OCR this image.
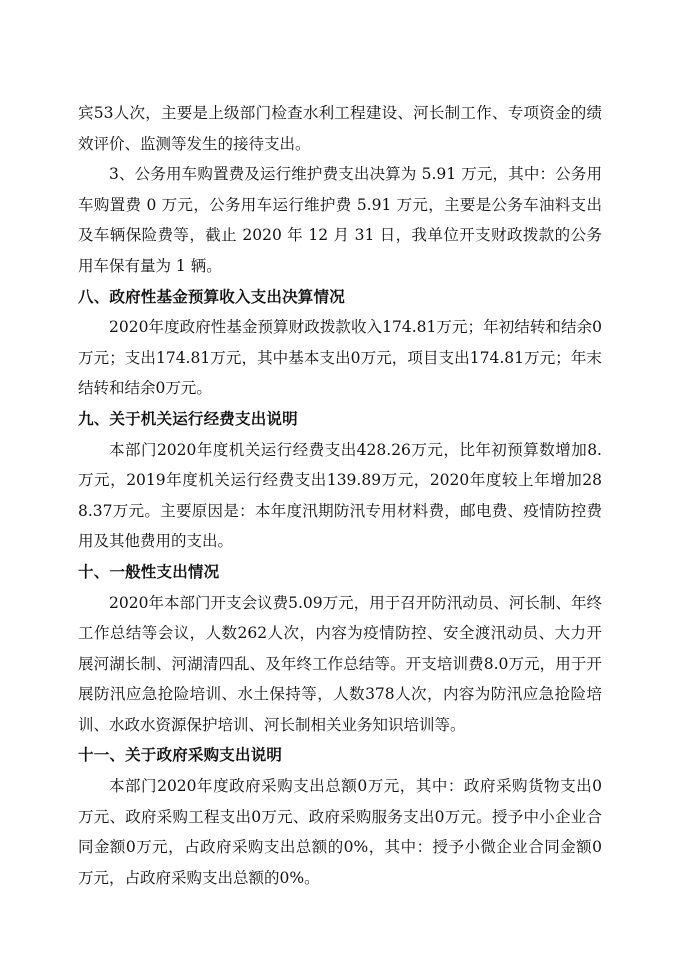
宾53人次，主要是上级部门检查水利工程建设、河长制工作、专项资金的绩效评价、监测等发生的接待支出。

3、公务用车购置费及运行维护费支出决算为 5.91 万元，其中：公务用车购置费 0 万元，公务用车运行维护费 5.91 万元，主要是公务车油料支出及车辆保险费等，截止 2020 年 12 月 31 日，我单位开支财政拨款的公务用车保有量为 1 辆。

八、政府性基金预算收入支出决算情况

2020年度政府性基金预算财政拨款收入174.81万元；年初结转和结余0万元；支出174.81万元，其中基本支出0万元，项目支出174.81万元；年末结转和结余0万元。

九、关于机关运行经费支出说明

本部门2020年度机关运行经费支出428.26万元，比年初预算数增加8.万元，2019年度机关运行经费支出139.89万元，2020年度较上年增加288.37万元。主要原因是：本年度汛期防汛专用材料费，邮电费、疫情防控费用及其他费用的支出。

十、一般性支出情况

2020年本部门开支会议费5.09万元，用于召开防汛动员、河长制、年终工作总结等会议，人数262人次，内容为疫情防控、安全渡汛动员、大力开展河湖长制、河湖清四乱、及年终工作总结等。开支培训费8.0万元，用于开展防汛应急抢险培训、水土保持等，人数378人次，内容为防汛应急抢险培训、水政水资源保护培训、河长制相关业务知识培训等。

十一、关于政府采购支出说明

本部门2020年度政府采购支出总额0万元，其中：政府采购货物支出0万元、政府采购工程支出0万元、政府采购服务支出0万元。授予中小企业合同金额0万元，占政府采购支出总额的0%，其中：授予小微企业合同金额0万元，占政府采购支出总额的0%。
